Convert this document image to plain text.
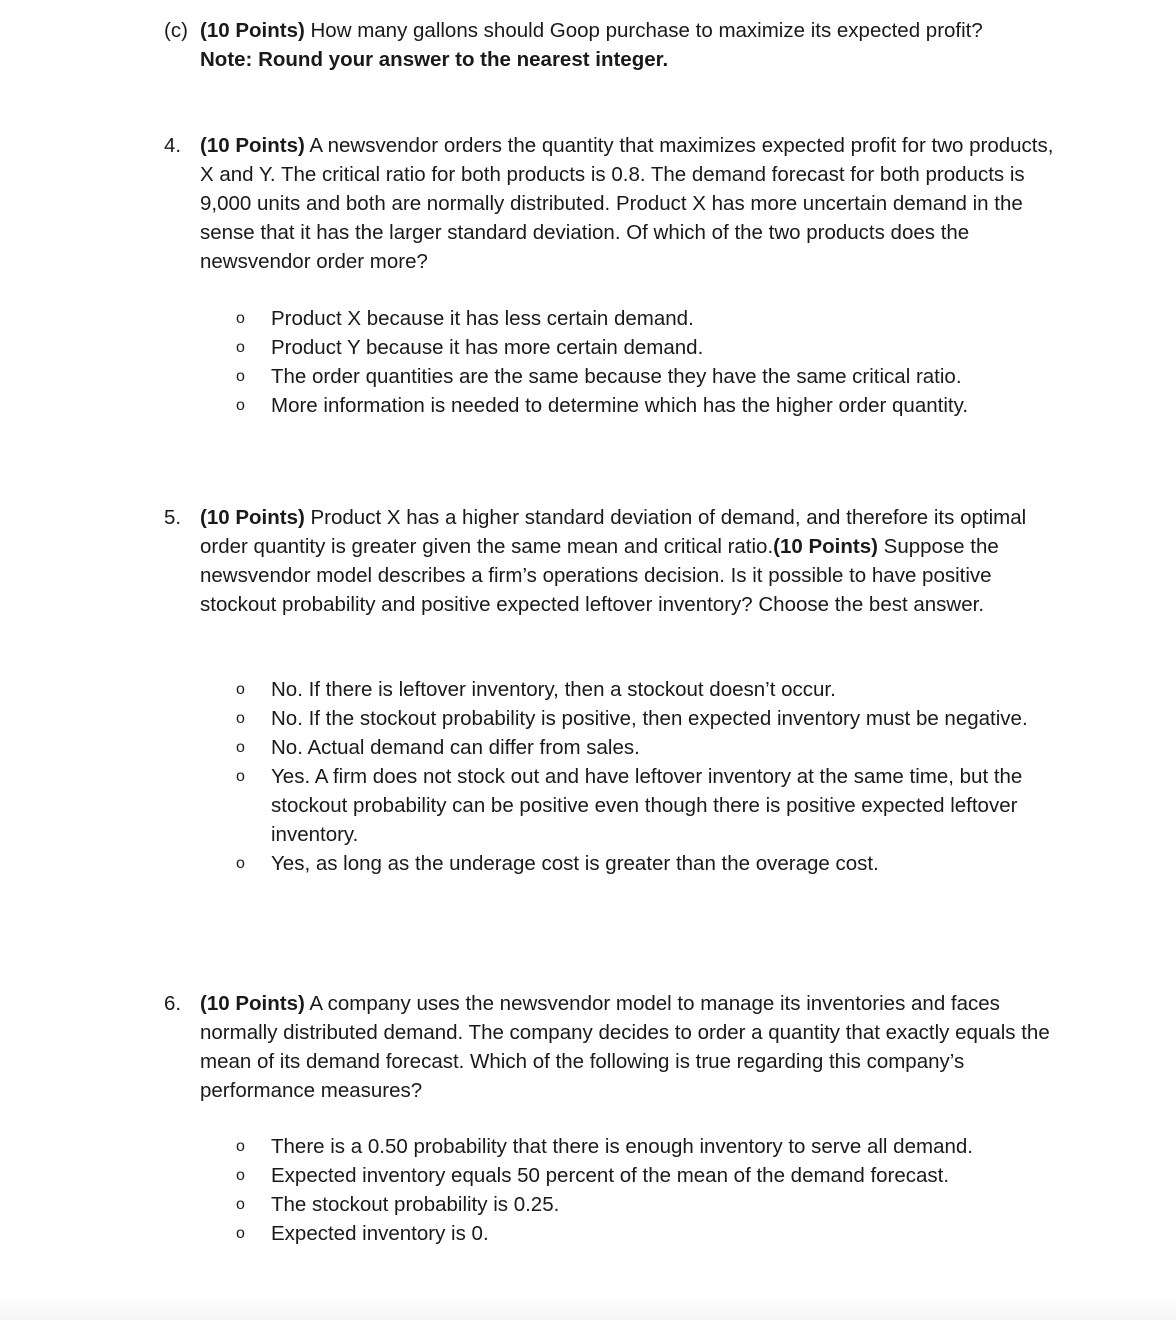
(c) (10 Points) How many gallons should Goop purchase to maximize its expected profit?
Note: Round your answer to the nearest integer.
4. (10 Points) A newsvendor orders the quantity that maximizes expected profit for two products, X and Y. The critical ratio for both products is 0.8. The demand forecast for both products is 9,000 units and both are normally distributed. Product X has more uncertain demand in the sense that it has the larger standard deviation. Of which of the two products does the newsvendor order more?
o	Product X because it has less certain demand.
o	Product Y because it has more certain demand.
o	The order quantities are the same because they have the same critical ratio.
o	More information is needed to determine which has the higher order quantity.
5. (10 Points) Product X has a higher standard deviation of demand, and therefore its optimal order quantity is greater given the same mean and critical ratio.(10 Points) Suppose the newsvendor model describes a firm’s operations decision. Is it possible to have positive stockout probability and positive expected leftover inventory? Choose the best answer.
o	No. If there is leftover inventory, then a stockout doesn’t occur.
o	No. If the stockout probability is positive, then expected inventory must be negative.
o	No. Actual demand can differ from sales.
o	Yes. A firm does not stock out and have leftover inventory at the same time, but the stockout probability can be positive even though there is positive expected leftover inventory.
o	Yes, as long as the underage cost is greater than the overage cost.
6. (10 Points) A company uses the newsvendor model to manage its inventories and faces normally distributed demand. The company decides to order a quantity that exactly equals the mean of its demand forecast. Which of the following is true regarding this company’s performance measures?
o	There is a 0.50 probability that there is enough inventory to serve all demand.
o	Expected inventory equals 50 percent of the mean of the demand forecast.
o	The stockout probability is 0.25.
o	Expected inventory is 0.
